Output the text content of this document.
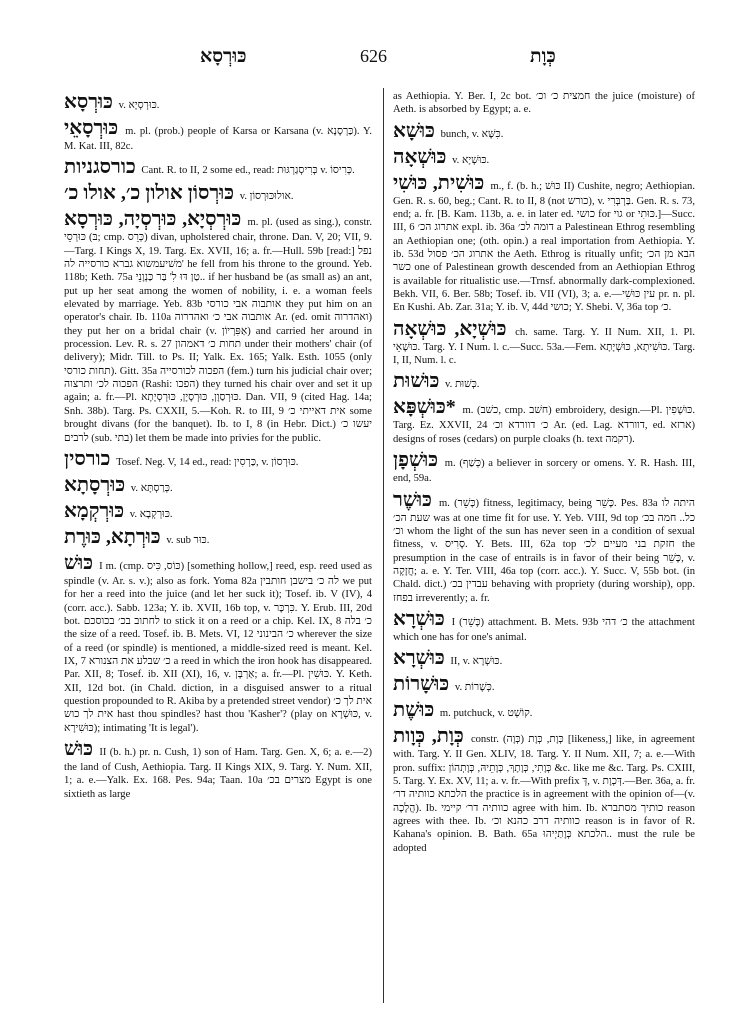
כּוּרְסָא	626	כְּוָת

כּוּרְסָא v. כּוּרְסְיָא.

כּוּרְסָאֵי m. pl. (prob.) people of Karsa or Karsana (v. כַּרְסָנָא). Y. M. Kat. III, 82c.

כורסגניות Cant. R. to II, 2 some ed., read: כְּרִיסְגַרְגּוּת v. כְּרִיסוֹ.

כּוּרְסוֹן אולון כ׳, אולו כ׳ v. אולוּכּוּרְסוֹן.

כּוּרְסְיָא, כּוּרְסְיָה, כּוּרְסָא m. pl. (used as sing.), constr. כּוּרְסֵי (בּ; cmp. כְּרֵס) divan, upholstered chair, throne. Dan. V, 20; VII, 9.—Targ. I Kings X, 19. Targ. Ex. XVII, 16; a. fr.—Hull. 59b [read:] נפל משׁיעמשוא גברא כורסייה לה' he fell from his throne to the ground. Yeb. 118b; Keth. 75a טַן דּוּ לִ' בַּר כַּנְוָנֵי.. if her husband be (as small as) an ant, put up her seat among the women of nobility, i. e. a woman feels elevated by marriage. Yeb. 83b אותבוה אבי כורסי they put him on an operator's chair. Ib. 110a אותבוה אבי כ׳ ואהדרוה Ar. (ed. omit ואהדרוה) they put her on a bridal chair (v. אַפִּרְיוֹן) and carried her around in procession. Lev. R. s. 27 תחות כ׳ דאמהון under their mothers' chair (of delivery); Midr. Till. to Ps. II; Yalk. Ex. 165; Yalk. Esth. 1055 (only תחות כורסי). Gitt. 35a הפכוה לכורסייה (fem.) turn his judicial chair over; הפכוה לכ׳ ותרצוה (Rashi: הפכו) they turned his chair over and set it up again; a. fr.—Pl. כּוּרְסַוָן, כּוּרְסָיָן, כּוּרְסְיָתָא. Dan. VII, 9 (cited Hag. 14a; Snh. 38b). Targ. Ps. CXXII, 5.—Koh. R. to III, 9 אית דאייתי כ׳ some brought divans (for the banquet). Ib. to I, 8 (in Hebr. Dict.) יעשו כ׳ לרבים (sub. בתי) let them be made into privies for the public.

כורסין Tosef. Neg. V, 14 ed., read: כַּרְסִין, v. כּוּרְסוֹן.

כּוּרְסָתָא v. כְּרַסְתָּא.

כּוּרְקְמָא v. כּוּרְקְבָא.

כּוּרְתָא, כּוּרֶת v. sub כּוּר.

כּוּשׁ I m. (cmp. כּוֹס, כִּיס) [something hollow,] reed, esp. reed used as spindle (v. Ar. s. v.); also as fork. Yoma 82a לה כ׳ בישבן חותבין we put for her a reed into the juice (and let her suck it); Tosef. ib. V (IV), 4 (corr. acc.). Sabb. 123a; Y. ib. XVII, 16b top, v. כִּרְכָּר. Y. Erub. III, 20d bot. לחתוב בכ׳ בכוסכם to stick it on a reed or a chip. Kel. IX, 8 כ׳ בלה the size of a reed. Tosef. ib. B. Mets. VI, 12 כ׳ הבינוני wherever the size of a reed (or spindle) is mentioned, a middle-sized reed is meant. Kel. IX, 7 כ׳ שבלע את הצנורא a reed in which the iron hook has disappeared. Par. XII, 8; Tosef. ib. XII (XI), 16, v. אַרְבָּן; a. fr.—Pl. כּוּשִׁין. Y. Keth. XII, 12d bot. (in Chald. diction, in a disguised answer to a ritual question propounded to R. Akiba by a pretended street vendor) אית לך כ׳ אית לך כוש hast thou spindles? hast thou 'Kasher'? (play on כּוּשְׁרָא, v. כּוּשִׁירָא); intimating 'It is legal').

כּוּשׁ II (b. h.) pr. n. Cush, 1) son of Ham. Targ. Gen. X, 6; a. e.—2) the land of Cush, Aethiopia. Targ. II Kings XIX, 9. Targ. Y. Num. XII, 1; a. e.—Yalk. Ex. 168. Pes. 94a; Taan. 10a מצרים בכ׳ Egypt is one sixtieth as large

as Aethiopia. Y. Ber. I, 2c bot. חמצית כ׳ וכ׳ the juice (moisture) of Aeth. is absorbed by Egypt; a. e.

כּוּשָׁא bunch, v. כִּשָּׁא.

כּוּשְׁאָה v. כּוּשְׁיָא.

כּוּשִׁית, כּוּשִׁי m., f. (b. h.; כּוּשׁ II) Cushite, negro; Aethiopian. Gen. R. s. 60, beg.; Cant. R. to II, 8 (not כורש), v. בַּרְבְּרִי. Gen. R. s. 73, end; a. fr. [B. Kam. 113b, a. e. in later ed. כושי for גוי or כּוּתִי.]—Succ. III, 6 אתרוג הכ׳ expl. ib. 36a דומה לכ׳ a Palestinean Ethrog resembling an Aethiopian one; (oth. opin.) a real importation from Aethiopia. Y. ib. 53d אתרוג הכ׳ פסול the Aeth. Ethrog is ritually unfit; הבא מן הכ׳ כשר one of Palestinean growth descended from an Aethiopian Ethrog is available for ritualistic use.—Trnsf. abnormally dark-complexioned. Bekh. VII, 6. Ber. 58b; Tosef. ib. VII (VI), 3; a. e.—עין כּוּשִׁי pr. n. pl. En Kushi. Ab. Zar. 31a; Y. ib. V, 44d כושי; Y. Shebi. V, 36a top כ׳.

כּוּשְׁיָא, כּוּשְׁאָה ch. same. Targ. Y. II Num. XII, 1. Pl. כּוּשָׁאֵי. Targ. Y. I Num. l. c.—Succ. 53a.—Fem. כּוּשִׁיתָא, כּוּשְׁיָתָא. Targ. I, II, Num. l. c.

כּוּשׁוּת v. כְּשׁוּת.

*כּוּשְׁפָּא m. (כשׁב, cmp. חשׁב) embroidery, design.—Pl. כּוּשְׁפִין. Targ. Ez. XXVII, 24 כ׳ דוורדא וכ׳ Ar. (ed. Lag. דוורדא, ed. ארזא) designs of roses (cedars) on purple cloaks (h. text רקמה).

כּוּשְׁפָן m. (כְּשַׁף) a believer in sorcery or omens. Y. R. Hash. III, end, 59a.

כּוּשֶׁר m. (כָּשֵׁר) fitness, legitimacy, being כָּשֵׁר. Pes. 83a היתה לו שעת הכ׳ was at one time fit for use. Y. Yeb. VIII, 9d top כל.. חמה בכ׳ וכ׳ whom the light of the sun has never seen in a condition of sexual fitness, v. סָרִיס. Y. Bets. III, 62a top חזקת בני מעיים לכ׳ the presumption in the case of entrails is in favor of their being כָּשֵׁר, v. חֲזָקָה; a. e. Y. Ter. VIII, 46a top (corr. acc.). Y. Succ. V, 55b bot. (in Chald. dict.) עבדין בכ׳ behaving with propriety (during worship), opp. בפחז irreverently; a. fr.

כּוּשְׁרָא I (כָּשֵׁר) attachment. B. Mets. 93b כ׳ דהי the attachment which one has for one's animal.

כּוּשְׁרָא II, v. כּוּשְׁרָא.

כּוּשָׁרוֹת v. כְּשָׁרוֹת.

כּוּשֶׁת m. putchuck, v. קוֹשְׁט.

כְּוָת, כְּוָות constr. כְּוָת, כְּוָת (כְּוָה) [likeness,] like, in agreement with. Targ. Y. II Gen. XLIV, 18. Targ. Y. II Num. XII, 7; a. e.—With pron. suffix: כְּוָתִי, כְּוָתָךְ, כְּוָתֵיהּ, כְּוָתְהוֹן &c. like me &c. Targ. Ps. CXIII, 5. Targ. Y. Ex. XV, 11; a. v. fr.—With prefix דְּ, v. דְּכְוָת.—Ber. 36a, a. fr. הלכתא כוותיה דר׳ the practice is in agreement with the opinion of—(v. הֲלָכָה). Ib. כוותיה דר׳ קיימי agree with him. Ib. כותיך מסתברא reason agrees with thee. Ib. כוותיה דרב כהנא וכ׳ reason is in favor of R. Kahana's opinion. B. Bath. 65a הלכתא כְּוָתַיְיהוּ.. must the rule be adopted
